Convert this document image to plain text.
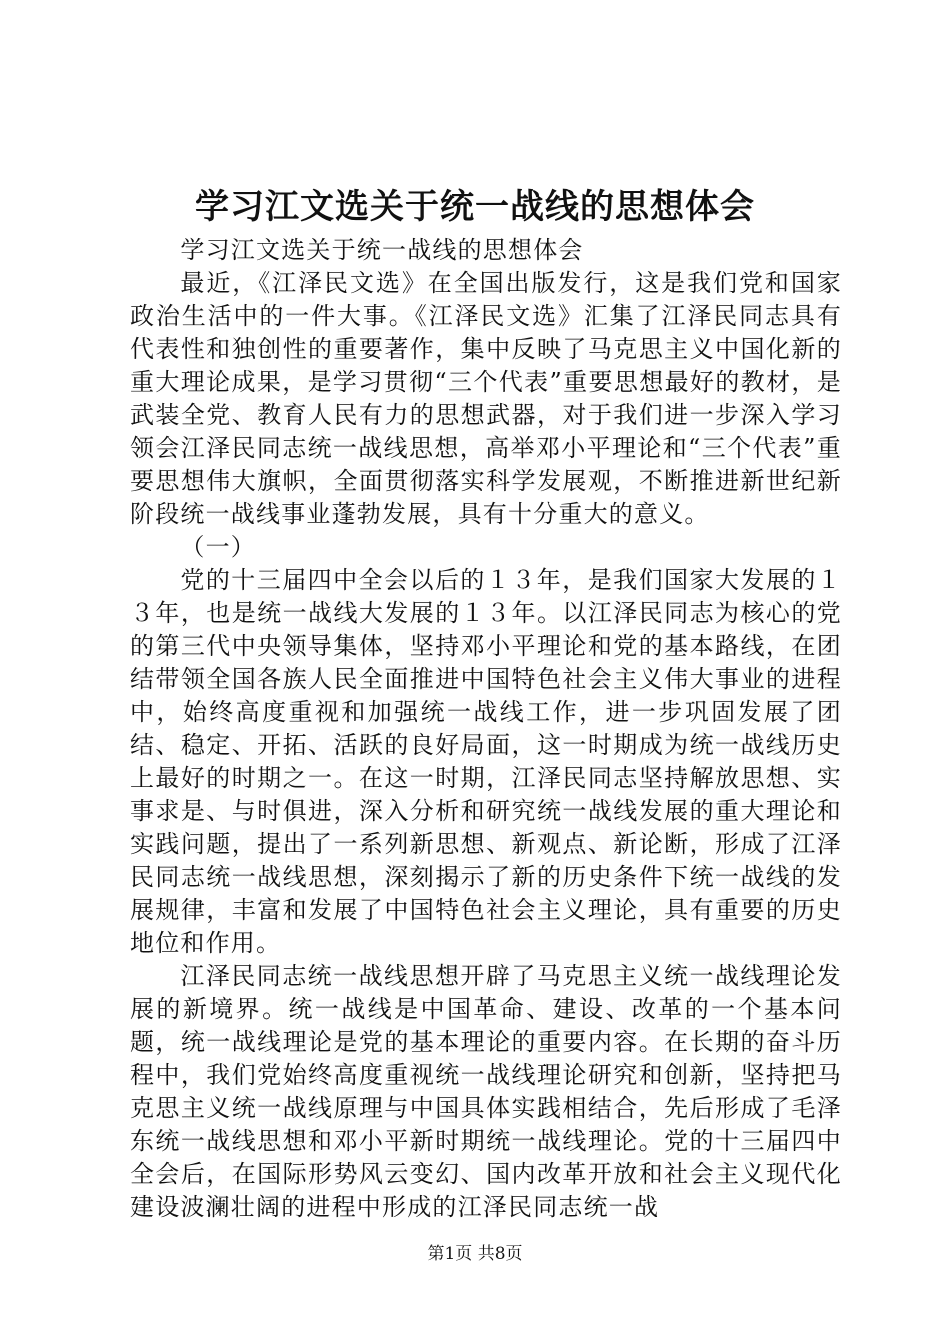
学习江文选关于统一战线的思想体会

学习江文选关于统一战线的思想体会

最近，《江泽民文选》在全国出版发行，这是我们党和国家政治生活中的一件大事。《江泽民文选》汇集了江泽民同志具有代表性和独创性的重要著作，集中反映了马克思主义中国化新的重大理论成果，是学习贯彻“三个代表”重要思想最好的教材，是武装全党、教育人民有力的思想武器，对于我们进一步深入学习领会江泽民同志统一战线思想，高举邓小平理论和“三个代表”重要思想伟大旗帜，全面贯彻落实科学发展观，不断推进新世纪新阶段统一战线事业蓬勃发展，具有十分重大的意义。

（一）

党的十三届四中全会以后的１３年，是我们国家大发展的１３年，也是统一战线大发展的１３年。以江泽民同志为核心的党的第三代中央领导集体，坚持邓小平理论和党的基本路线，在团结带领全国各族人民全面推进中国特色社会主义伟大事业的进程中，始终高度重视和加强统一战线工作，进一步巩固发展了团结、稳定、开拓、活跃的良好局面，这一时期成为统一战线历史上最好的时期之一。在这一时期，江泽民同志坚持解放思想、实事求是、与时俱进，深入分析和研究统一战线发展的重大理论和实践问题，提出了一系列新思想、新观点、新论断，形成了江泽民同志统一战线思想，深刻揭示了新的历史条件下统一战线的发展规律，丰富和发展了中国特色社会主义理论，具有重要的历史地位和作用。

江泽民同志统一战线思想开辟了马克思主义统一战线理论发展的新境界。统一战线是中国革命、建设、改革的一个基本问题，统一战线理论是党的基本理论的重要内容。在长期的奋斗历程中，我们党始终高度重视统一战线理论研究和创新，坚持把马克思主义统一战线原理与中国具体实践相结合，先后形成了毛泽东统一战线思想和邓小平新时期统一战线理论。党的十三届四中全会后，在国际形势风云变幻、国内改革开放和社会主义现代化建设波澜壮阔的进程中形成的江泽民同志统一战

第1页 共8页
